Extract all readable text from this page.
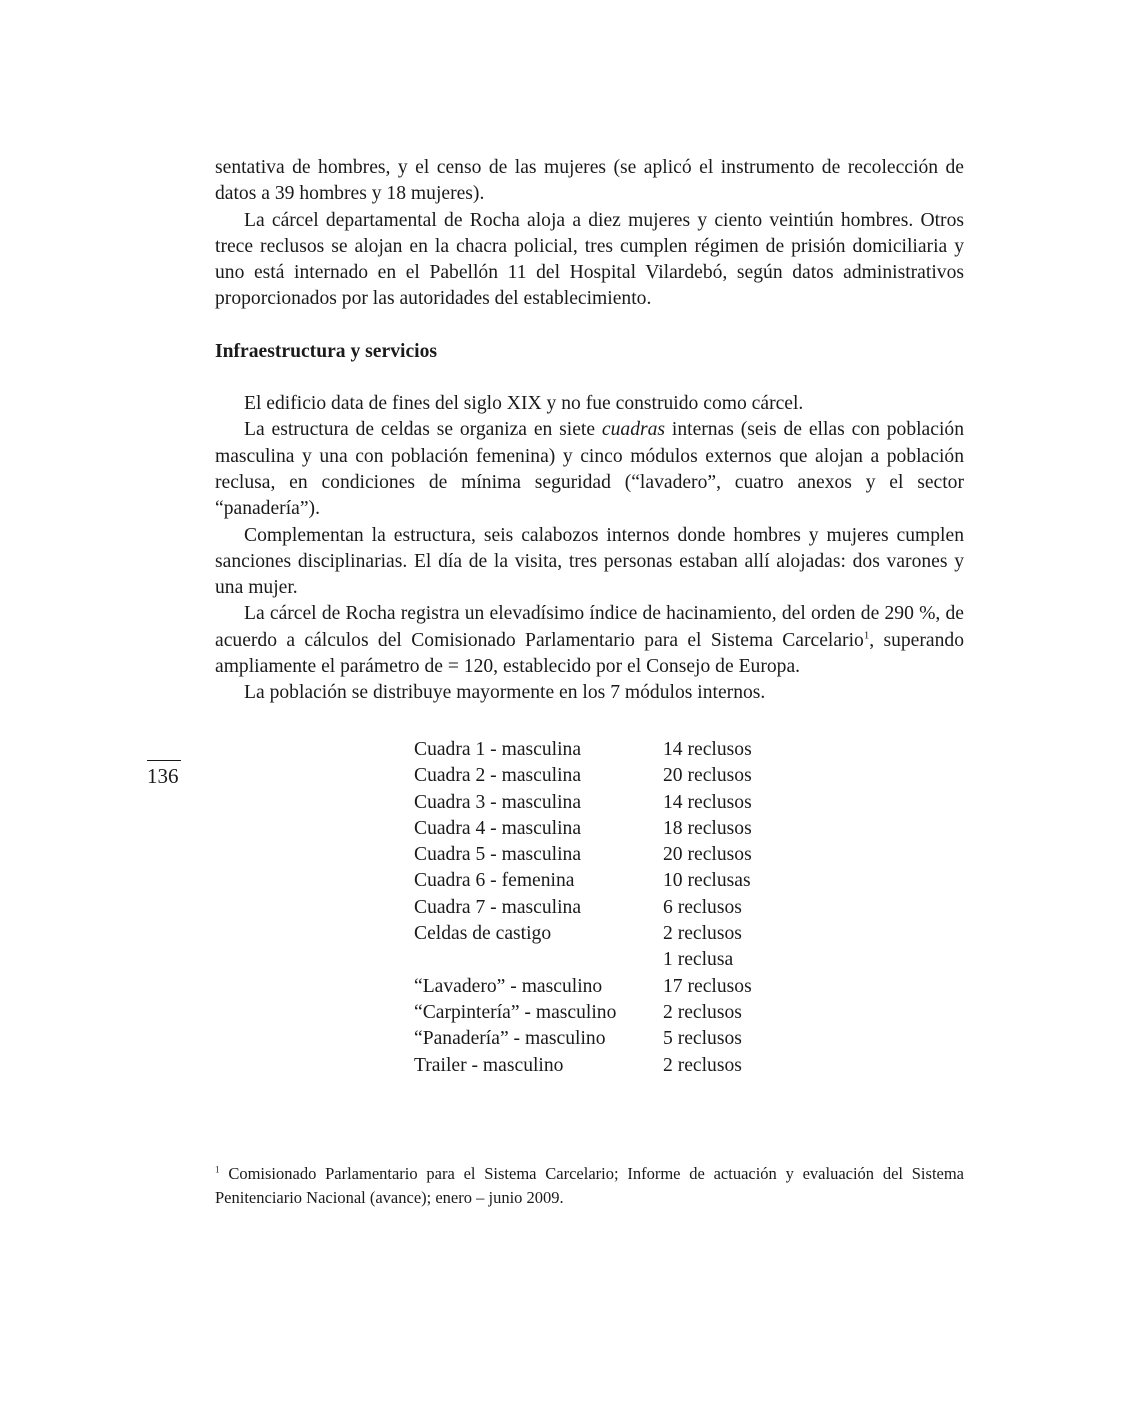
sentativa de hombres, y el censo de las mujeres (se aplicó el instrumento de recolección de datos a 39 hombres y 18 mujeres).

La cárcel departamental de Rocha aloja a diez mujeres y ciento veintiún hombres. Otros trece reclusos se alojan en la chacra policial, tres cumplen régimen de prisión domiciliaria y uno está internado en el Pabellón 11 del Hospital Vilardebó, según datos administrativos proporcionados por las autoridades del establecimiento.

Infraestructura y servicios

El edificio data de fines del siglo XIX y no fue construido como cárcel.

La estructura de celdas se organiza en siete cuadras internas (seis de ellas con población masculina y una con población femenina) y cinco módulos externos que alojan a población reclusa, en condiciones de mínima seguridad (“lavadero”, cuatro anexos y el sector “panadería”).

Complementan la estructura, seis calabozos internos donde hombres y mujeres cumplen sanciones disciplinarias. El día de la visita, tres personas estaban allí alojadas: dos varones y una mujer.

La cárcel de Rocha registra un elevadísimo índice de hacinamiento, del orden de 290 %, de acuerdo a cálculos del Comisionado Parlamentario para el Sistema Carcelario$^1$, superando ampliamente el parámetro de = 120, establecido por el Consejo de Europa.

La población se distribuye mayormente en los 7 módulos internos.

136
Cuadra 1 - masculina	14 reclusos
Cuadra 2 - masculina	20 reclusos
Cuadra 3 - masculina	14 reclusos
Cuadra 4 - masculina	18 reclusos
Cuadra 5 - masculina	20 reclusos
Cuadra 6 - femenina	10 reclusas
Cuadra 7 - masculina	6 reclusos
Celdas de castigo	2 reclusos
	1 reclusa
“Lavadero” - masculino	17 reclusos
“Carpintería” - masculino	2 reclusos
“Panadería” - masculino	5 reclusos
Trailer - masculino	2 reclusos
$^1$ Comisionado Parlamentario para el Sistema Carcelario; Informe de actuación y evaluación del Sistema Penitenciario Nacional (avance); enero – junio 2009.
